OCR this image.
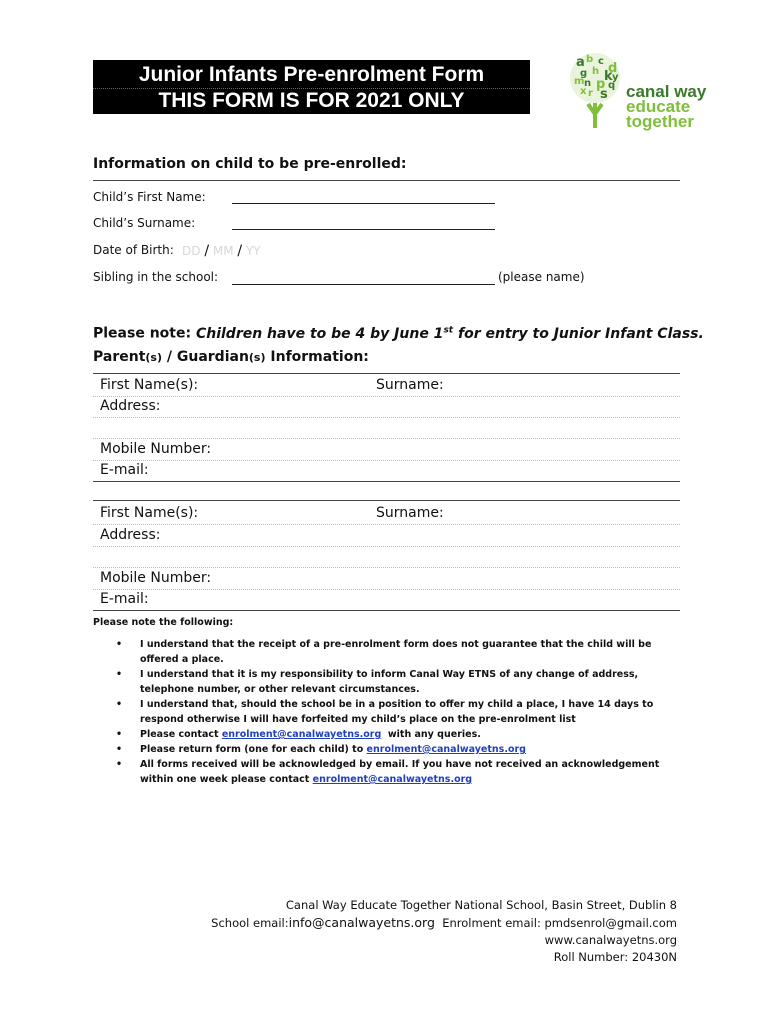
Junior Infants Pre-enrolment Form
THIS FORM IS FOR 2021 ONLY
a b c d
g h k
m n p q
r s
x
y
canal way
educate
together
Information on child to be pre-enrolled:
Child’s First Name:
Child’s Surname:
Date of Birth: DD / MM / YY
Sibling in the school:	(please name)
Please note: Children have to be 4 by June 1st for entry to Junior Infant Class.
Parent(s) / Guardian(s) Information:
First Name(s):	Surname:
Address:
Mobile Number:
E-mail:
First Name(s):	Surname:
Address:
Mobile Number:
E-mail:
Please note the following:
• I understand that the receipt of a pre-enrolment form does not guarantee that the child will be offered a place.
• I understand that it is my responsibility to inform Canal Way ETNS of any change of address, telephone number, or other relevant circumstances.
• I understand that, should the school be in a position to offer my child a place, I have 14 days to respond otherwise I will have forfeited my child’s place on the pre-enrolment list
• Please contact enrolment@canalwayetns.org  with any queries.
• Please return form (one for each child) to enrolment@canalwayetns.org
• All forms received will be acknowledged by email. If you have not received an acknowledgement within one week please contact enrolment@canalwayetns.org
Canal Way Educate Together National School, Basin Street, Dublin 8
School email:info@canalwayetns.org  Enrolment email: pmdsenrol@gmail.com
www.canalwayetns.org
Roll Number: 20430N
